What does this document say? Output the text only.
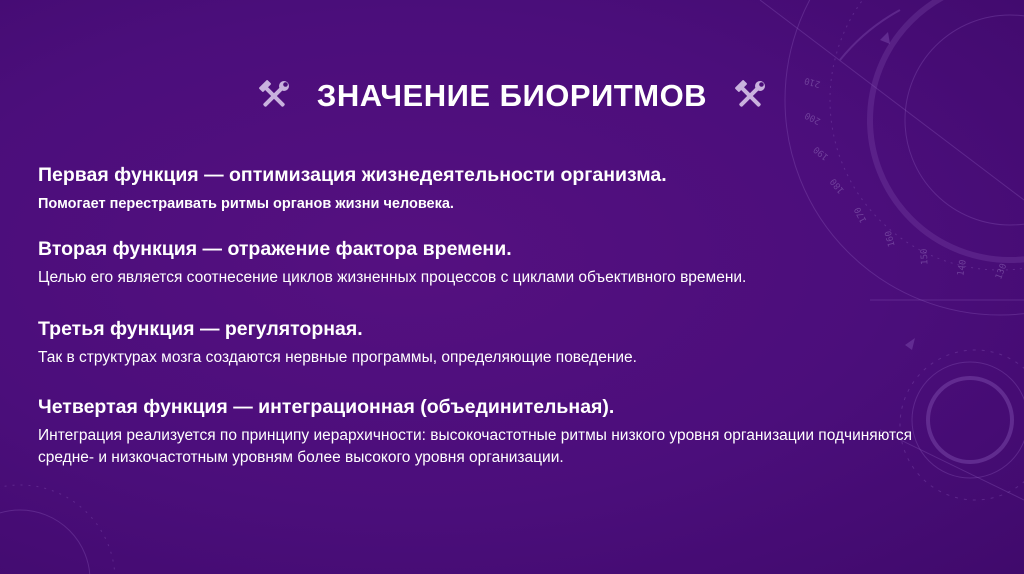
210
200
190
180
170
160
150
140	130
ЗНАЧЕНИЕ БИОРИТМОВ
Первая функция — оптимизация жизнедеятельности организма.
Помогает перестраивать ритмы органов жизни человека.
Вторая функция — отражение фактора времени.
Целью его является соотнесение циклов жизненных процессов с циклами объективного времени.
Третья функция — регуляторная.
Так в структурах мозга создаются нервные программы, определяющие поведение.
Четвертая функция — интеграционная (объединительная).
Интеграция реализуется по принципу иерархичности: высокочастотные ритмы низкого уровня организации подчиняются
средне- и низкочастотным уровням более высокого уровня организации.
